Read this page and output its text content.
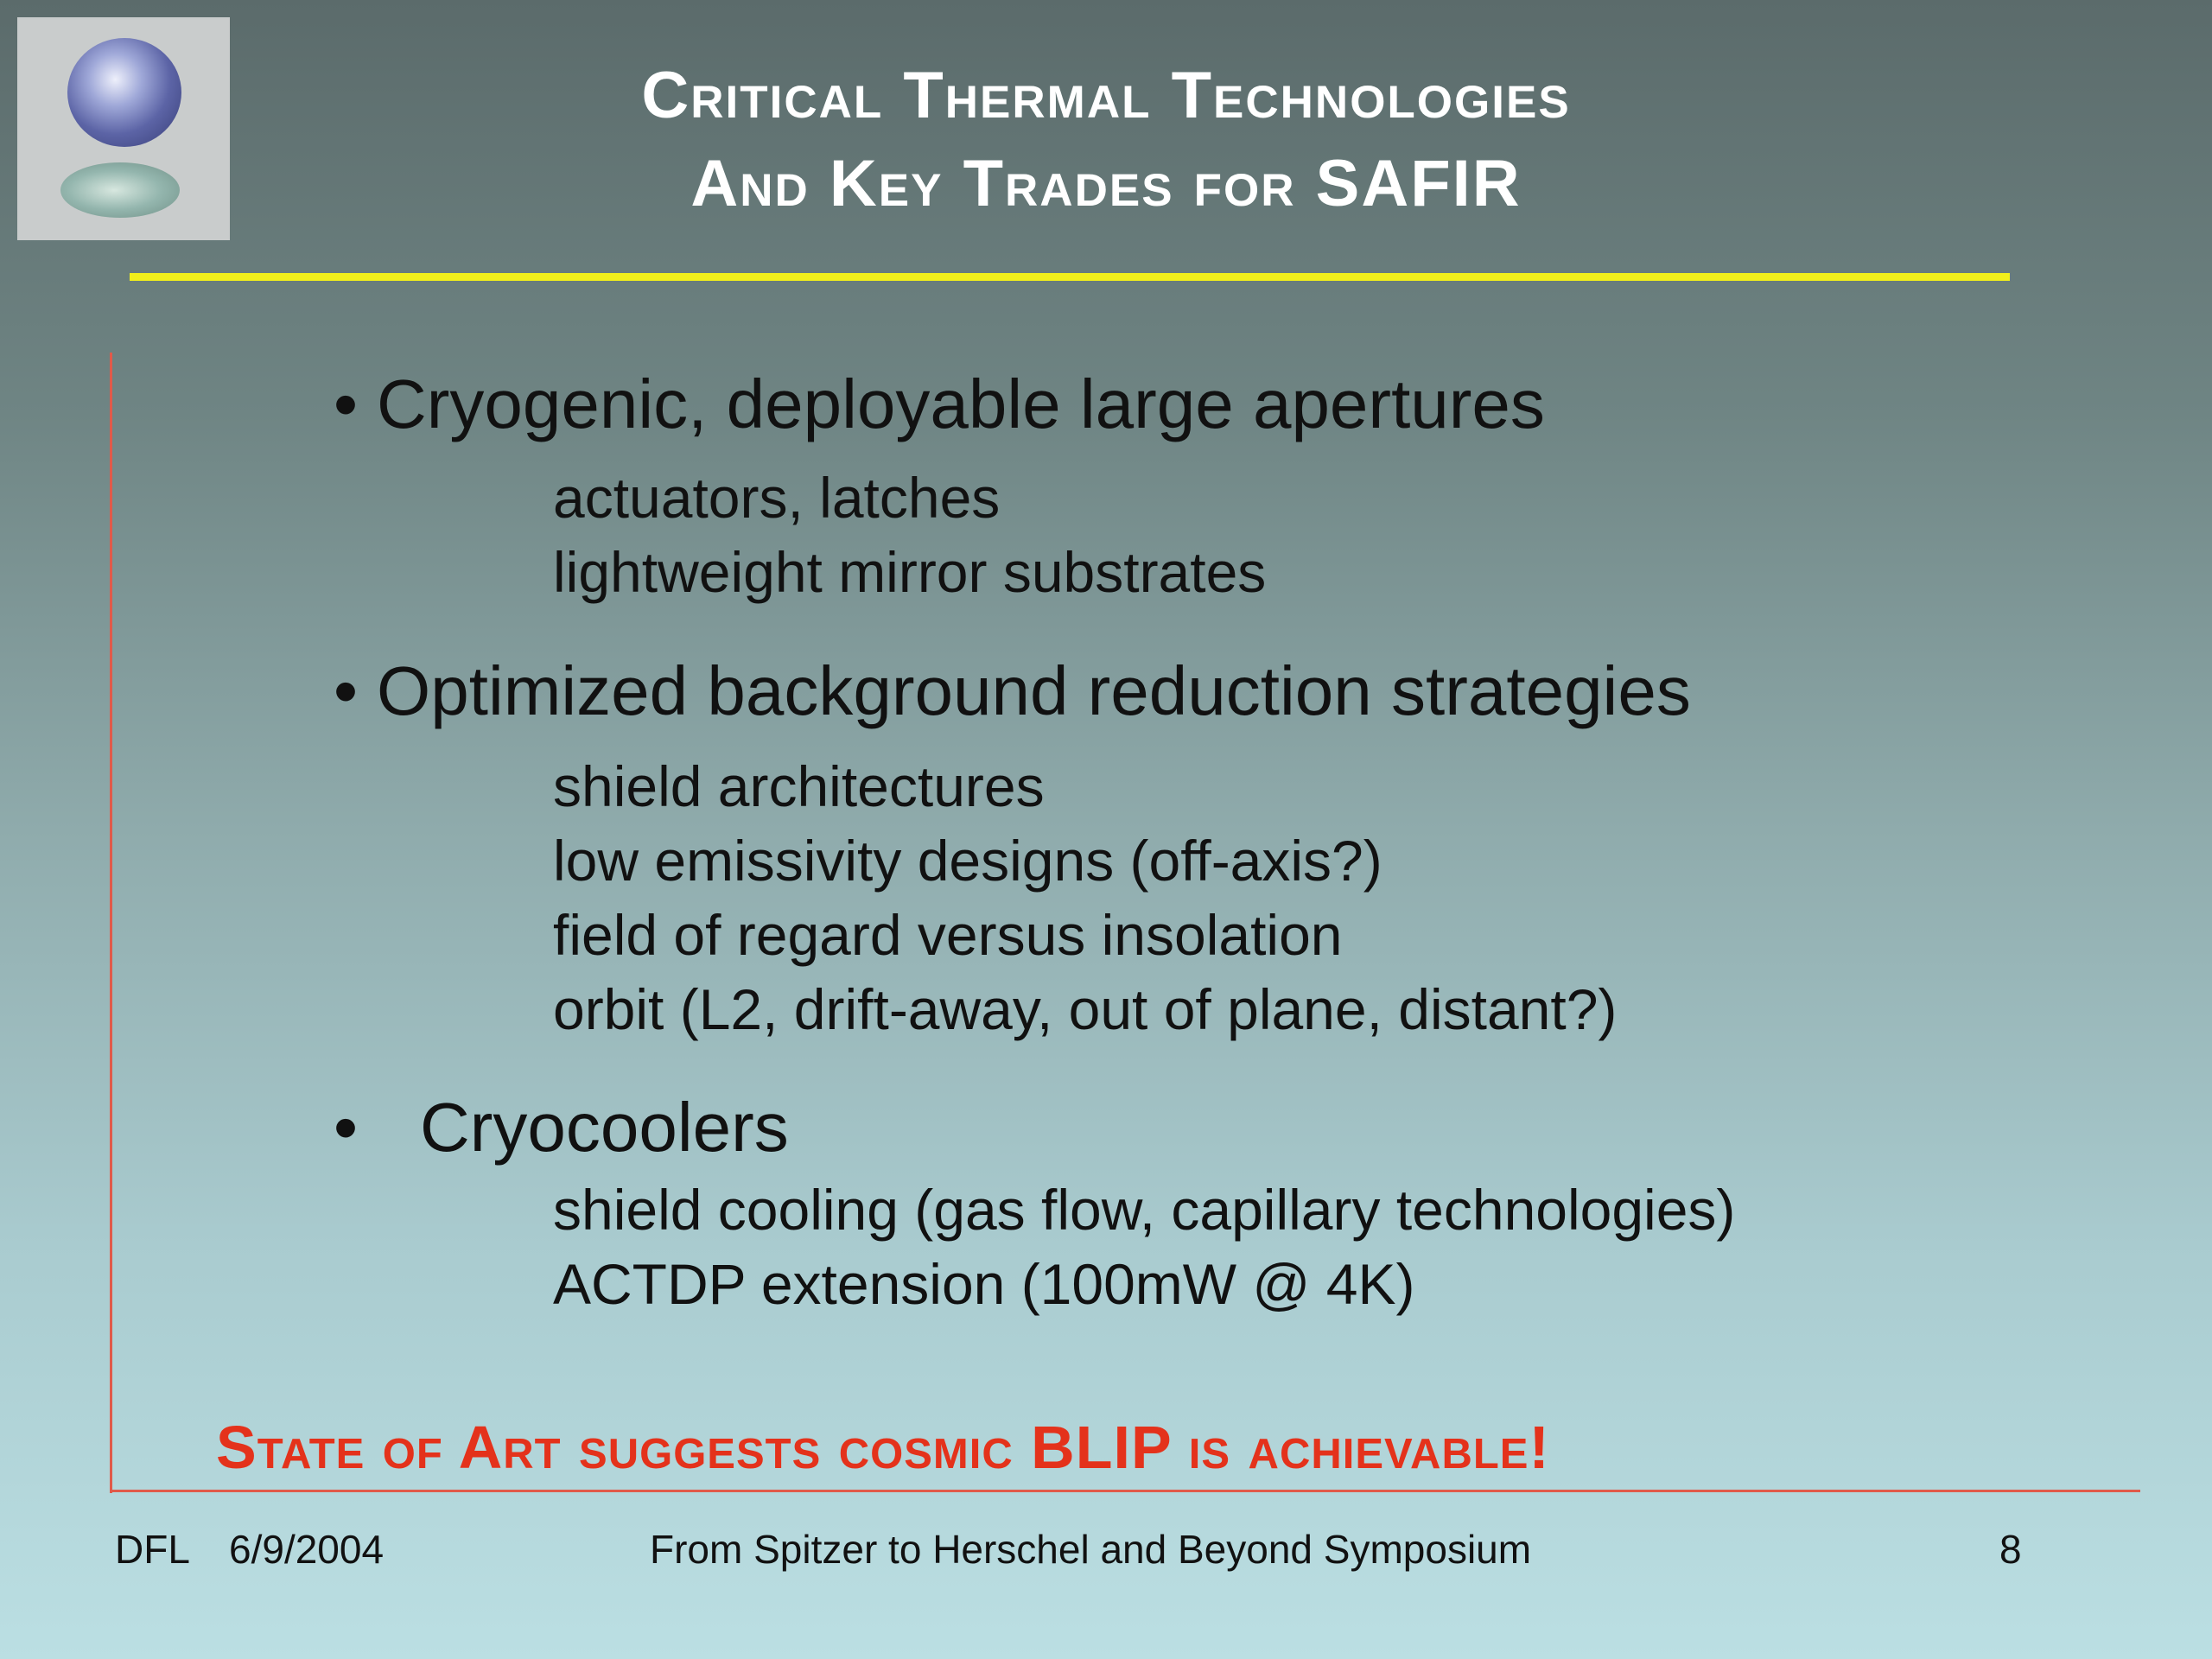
Critical Thermal Technologies
And Key Trades for SAFIR
• Cryogenic, deployable large apertures
actuators, latches
lightweight mirror substrates
• Optimized background reduction strategies
shield architectures
low emissivity designs (off-axis?)
field of regard versus insolation
orbit (L2, drift-away, out of plane, distant?)
• Cryocoolers
shield cooling (gas flow, capillary technologies)
ACTDP extension (100mW @ 4K)
State of Art suggests cosmic BLIP is achievable!
DFL 6/9/2004	From Spitzer to Herschel and Beyond Symposium	8
